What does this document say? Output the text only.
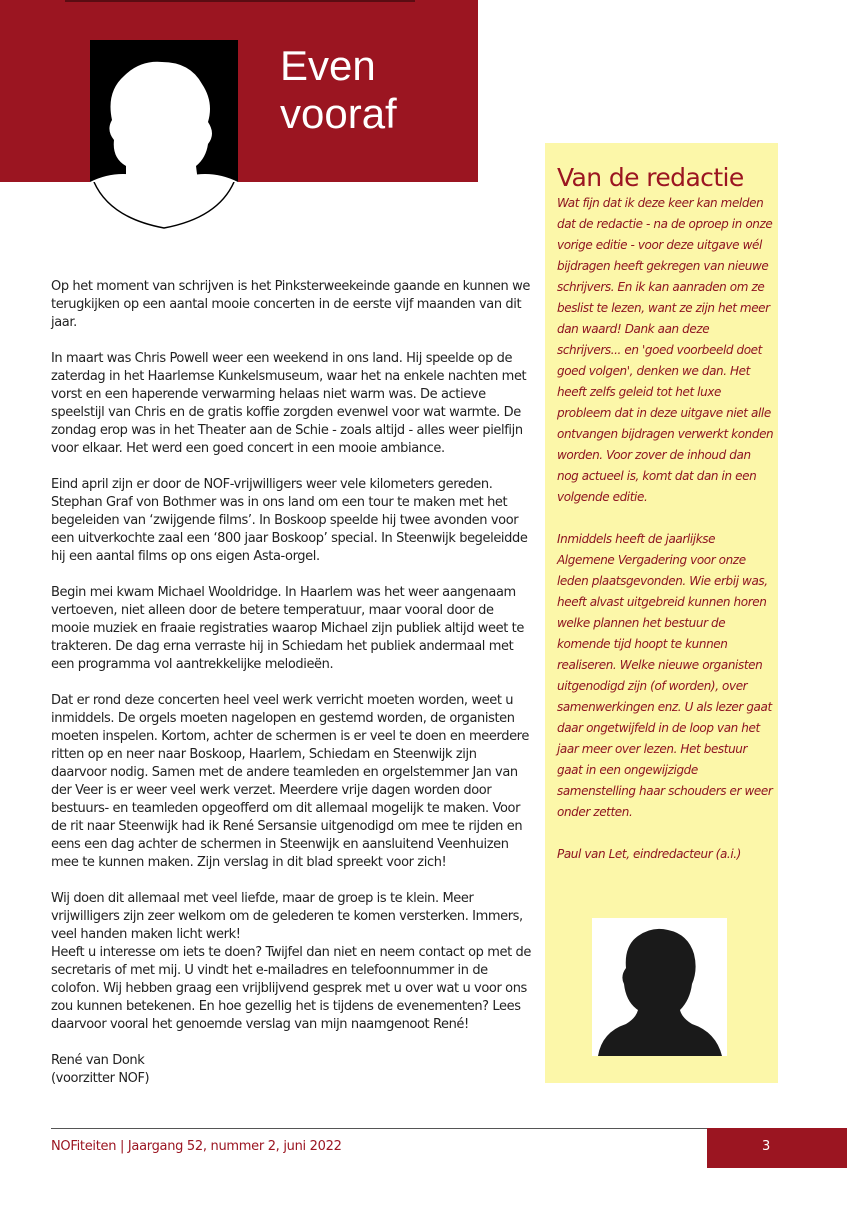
Even
vooraf

Op het moment van schrijven is het Pinksterweekeinde gaande en kunnen we terugkijken op een aantal mooie concerten in de eerste vijf maanden van dit jaar.

In maart was Chris Powell weer een weekend in ons land. Hij speelde op de zaterdag in het Haarlemse Kunkelsmuseum, waar het na enkele nachten met vorst en een haperende verwarming helaas niet warm was. De actieve speelstijl van Chris en de gratis koffie zorgden evenwel voor wat warmte. De zondag erop was in het Theater aan de Schie - zoals altijd - alles weer pielfijn voor elkaar. Het werd een goed concert in een mooie ambiance.

Eind april zijn er door de NOF-vrijwilligers weer vele kilometers gereden. Stephan Graf von Bothmer was in ons land om een tour te maken met het begeleiden van ‘zwijgende films’. In Boskoop speelde hij twee avonden voor een uitverkochte zaal een ‘800 jaar Boskoop’ special. In Steenwijk begeleidde hij een aantal films op ons eigen Asta-orgel.

Begin mei kwam Michael Wooldridge. In Haarlem was het weer aangenaam vertoeven, niet alleen door de betere temperatuur, maar vooral door de mooie muziek en fraaie registraties waarop Michael zijn publiek altijd weet te trakteren. De dag erna verraste hij in Schiedam het publiek andermaal met een programma vol aantrekkelijke melodieën.

Dat er rond deze concerten heel veel werk verricht moeten worden, weet u inmiddels. De orgels moeten nagelopen en gestemd worden, de organisten moeten inspelen. Kortom, achter de schermen is er veel te doen en meerdere ritten op en neer naar Boskoop, Haarlem, Schiedam en Steenwijk zijn daarvoor nodig. Samen met de andere teamleden en orgelstemmer Jan van der Veer is er weer veel werk verzet. Meerdere vrije dagen worden door bestuurs- en teamleden opgeofferd om dit allemaal mogelijk te maken. Voor de rit naar Steenwijk had ik René Sersansie uitgenodigd om mee te rijden en eens een dag achter de schermen in Steenwijk en aansluitend Veenhuizen mee te kunnen maken. Zijn verslag in dit blad spreekt voor zich!

Wij doen dit allemaal met veel liefde, maar de groep is te klein. Meer vrijwilligers zijn zeer welkom om de gelederen te komen versterken. Immers, veel handen maken licht werk!

Heeft u interesse om iets te doen? Twijfel dan niet en neem contact op met de secretaris of met mij. U vindt het e-mailadres en telefoonnummer in de colofon. Wij hebben graag een vrijblijvend gesprek met u over wat u voor ons zou kunnen betekenen. En hoe gezellig het is tijdens de evenementen? Lees daarvoor vooral het genoemde verslag van mijn naamgenoot René!

René van Donk

(voorzitter NOF)

Van de redactie

Wat fijn dat ik deze keer kan melden dat de redactie - na de oproep in onze vorige editie - voor deze uitgave wél bijdragen heeft gekregen van nieuwe schrijvers. En ik kan aanraden om ze beslist te lezen, want ze zijn het meer dan waard! Dank aan deze schrijvers... en 'goed voorbeeld doet goed volgen', denken we dan. Het heeft zelfs geleid tot het luxe probleem dat in deze uitgave niet alle ontvangen bijdragen verwerkt konden worden. Voor zover de inhoud dan nog actueel is, komt dat dan in een volgende editie.

Inmiddels heeft de jaarlijkse Algemene Vergadering voor onze leden plaatsgevonden. Wie erbij was, heeft alvast uitgebreid kunnen horen welke plannen het bestuur de komende tijd hoopt te kunnen realiseren. Welke nieuwe organisten uitgenodigd zijn (of worden), over samenwerkingen enz. U als lezer gaat daar ongetwijfeld in de loop van het jaar meer over lezen. Het bestuur gaat in een ongewijzigde samenstelling haar schouders er weer onder zetten.

Paul van Let, eindredacteur (a.i.)

NOFiteiten | Jaargang 52, nummer 2, juni 2022	3
